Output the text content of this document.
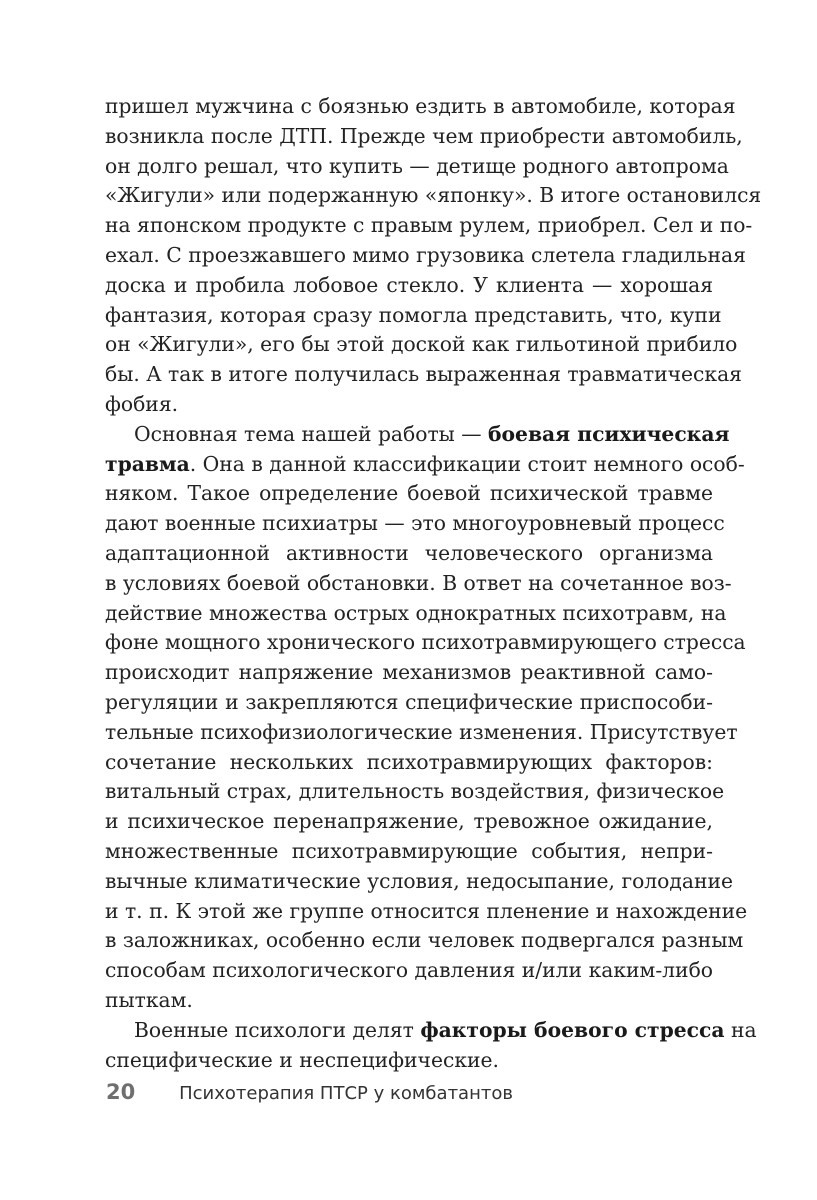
пришел мужчина с боязнью ездить в автомобиле, которая
возникла после ДТП. Прежде чем приобрести автомобиль,
он долго решал, что купить — детище родного автопрома
«Жигули» или подержанную «японку». В итоге остановился
на японском продукте с правым рулем, приобрел. Сел и по-
ехал. С проезжавшего мимо грузовика слетела гладильная
доска и пробила лобовое стекло. У клиента — хорошая
фантазия, которая сразу помогла представить, что, купи
он «Жигули», его бы этой доской как гильотиной прибило
бы. А так в итоге получилась выраженная травматическая
фобия.
Основная тема нашей работы — боевая психическая
травма. Она в данной классификации стоит немного особ-
няком. Такое определение боевой психической травме
дают военные психиатры — это многоуровневый процесс
адаптационной активности человеческого организма
в условиях боевой обстановки. В ответ на сочетанное воз-
действие множества острых однократных психотравм, на
фоне мощного хронического психотравмирующего стресса
происходит напряжение механизмов реактивной само-
регуляции и закрепляются специфические приспособи-
тельные психофизиологические изменения. Присутствует
сочетание нескольких психотравмирующих факторов:
витальный страх, длительность воздействия, физическое
и психическое перенапряжение, тревожное ожидание,
множественные психотравмирующие события, непри-
вычные климатические условия, недосыпание, голодание
и т. п. К этой же группе относится пленение и нахождение
в заложниках, особенно если человек подвергался разным
способам психологического давления и/или каким-либо
пыткам.
Военные психологи делят факторы боевого стресса на
специфические и неспецифические.
20 Психотерапия ПТСР у комбатантов
